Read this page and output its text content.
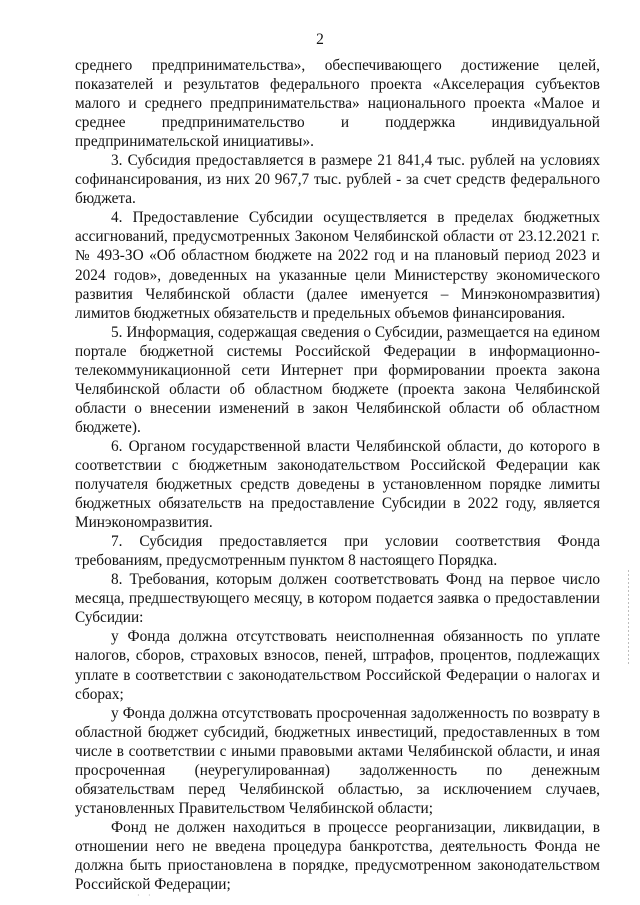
2

среднего предпринимательства», обеспечивающего достижение целей, показателей и результатов федерального проекта «Акселерация субъектов малого и среднего предпринимательства» национального проекта «Малое и среднее предпринимательство и поддержка индивидуальной предпринимательской инициативы».

3. Субсидия предоставляется в размере 21 841,4 тыс. рублей на условиях софинансирования, из них 20 967,7 тыс. рублей - за счет средств федерального бюджета.

4. Предоставление Субсидии осуществляется в пределах бюджетных ассигнований, предусмотренных Законом Челябинской области от 23.12.2021 г. № 493-ЗО «Об областном бюджете на 2022 год и на плановый период 2023 и 2024 годов», доведенных на указанные цели Министерству экономического развития Челябинской области (далее именуется – Минэкономразвития) лимитов бюджетных обязательств и предельных объемов финансирования.

5. Информация, содержащая сведения о Субсидии, размещается на едином портале бюджетной системы Российской Федерации в информационно-телекоммуникационной сети Интернет при формировании проекта закона Челябинской области об областном бюджете (проекта закона Челябинской области о внесении изменений в закон Челябинской области об областном бюджете).

6. Органом государственной власти Челябинской области, до которого в соответствии с бюджетным законодательством Российской Федерации как получателя бюджетных средств доведены в установленном порядке лимиты бюджетных обязательств на предоставление Субсидии в 2022 году, является Минэкономразвития.

7. Субсидия предоставляется при условии соответствия Фонда требованиям, предусмотренным пунктом 8 настоящего Порядка.

8. Требования, которым должен соответствовать Фонд на первое число месяца, предшествующего месяцу, в котором подается заявка о предоставлении Субсидии:

у Фонда должна отсутствовать неисполненная обязанность по уплате налогов, сборов, страховых взносов, пеней, штрафов, процентов, подлежащих уплате в соответствии с законодательством Российской Федерации о налогах и сборах;

у Фонда должна отсутствовать просроченная задолженность по возврату в областной бюджет субсидий, бюджетных инвестиций, предоставленных в том числе в соответствии с иными правовыми актами Челябинской области, и иная просроченная (неурегулированная) задолженность по денежным обязательствам перед Челябинской областью, за исключением случаев, установленных Правительством Челябинской области;

Фонд не должен находиться в процессе реорганизации, ликвидации, в отношении него не введена процедура банкротства, деятельность Фонда не должна быть приостановлена в порядке, предусмотренном законодательством Российской Федерации;

· ·
